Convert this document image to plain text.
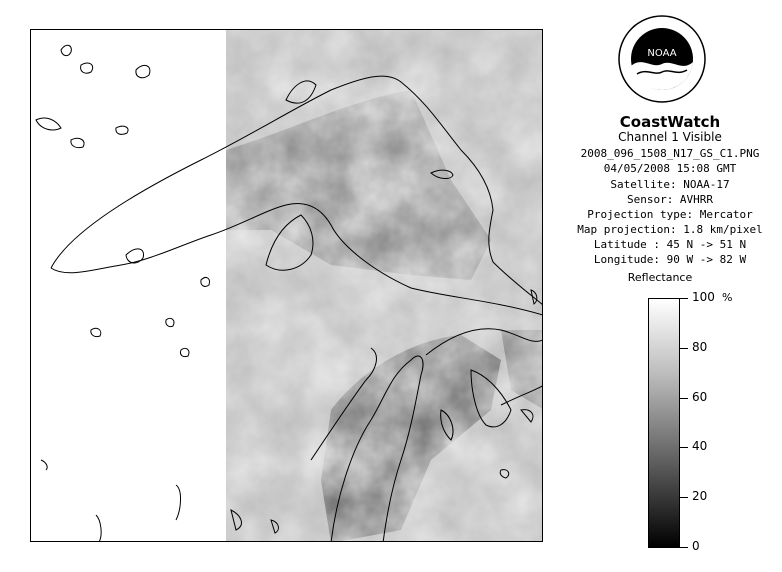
NOAA
CoastWatch
Channel 1 Visible
2008_096_1508_N17_GS_C1.PNG
04/05/2008 15:08 GMT
Satellite: NOAA-17
Sensor: AVHRR
Projection type: Mercator
Map projection: 1.8 km/pixel
Latitude : 45 N -> 51 N
Longitude: 90 W -> 82 W
Reflectance
%
100
80
60
40
20
0
